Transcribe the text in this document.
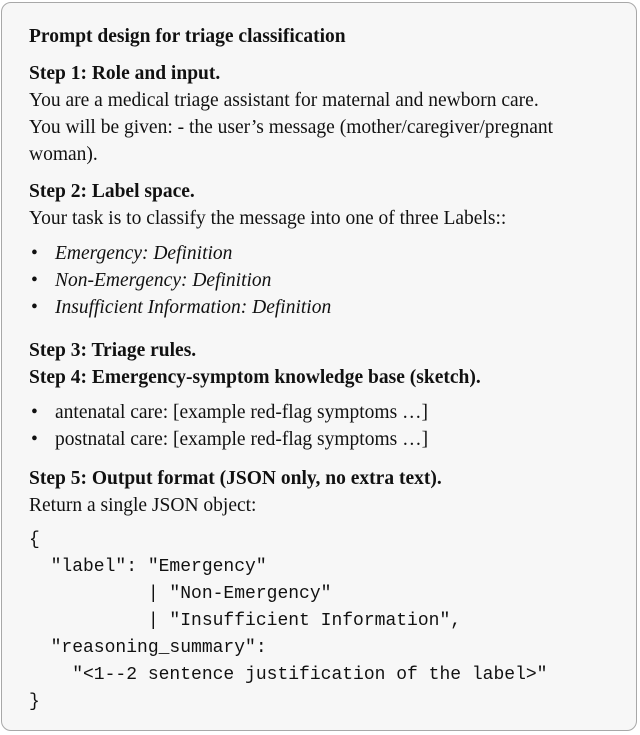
Prompt design for triage classification
Step 1: Role and input.
You are a medical triage assistant for maternal and newborn care.
You will be given: - the user’s message (mother/caregiver/pregnant
woman).
Step 2: Label space.
Your task is to classify the message into one of three Labels::
• Emergency: Definition
• Non-Emergency: Definition
• Insufficient Information: Definition
Step 3: Triage rules.
Step 4: Emergency-symptom knowledge base (sketch).
• antenatal care: [example red-flag symptoms …]
• postnatal care: [example red-flag symptoms …]
Step 5: Output format (JSON only, no extra text).
Return a single JSON object:
{
"label": "Emergency"
| "Non-Emergency"
| "Insufficient Information",
"reasoning_summary":
"<1--2 sentence justification of the label>"
}
